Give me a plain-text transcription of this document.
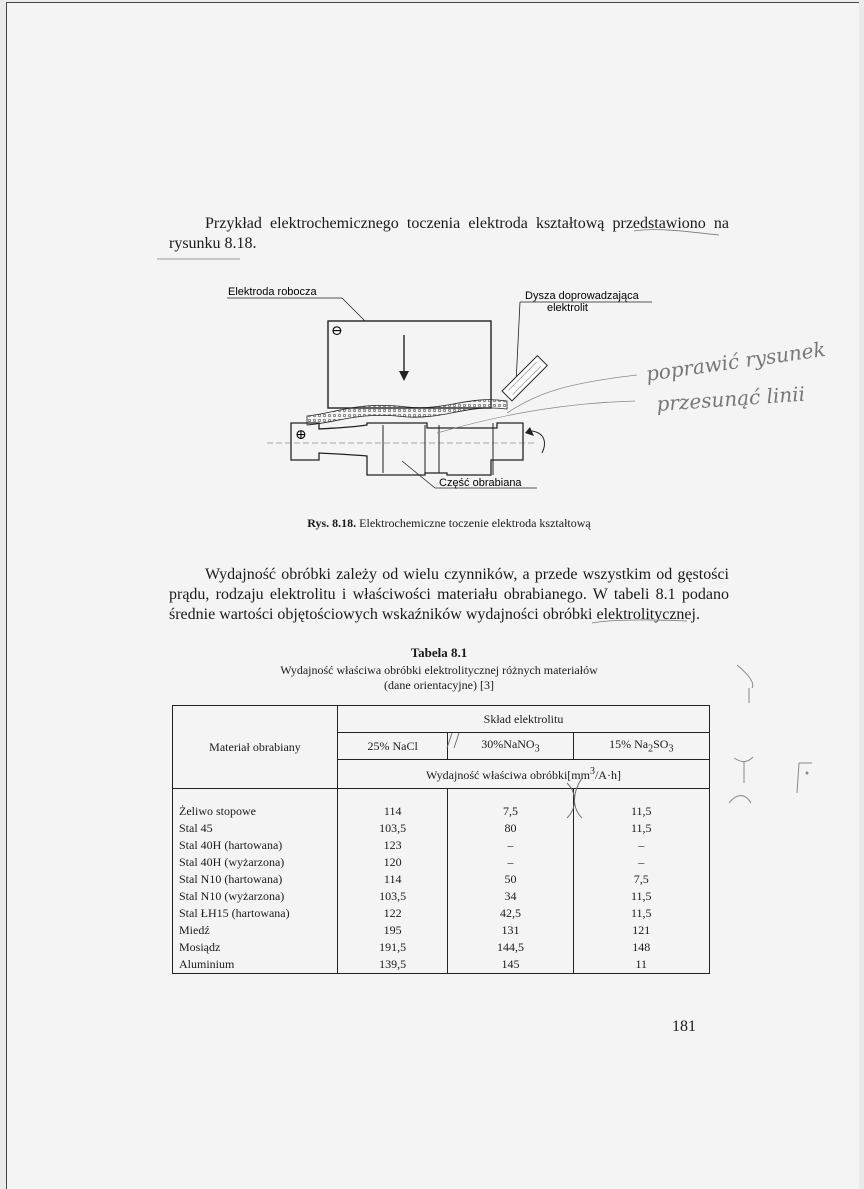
Przykład elektrochemicznego toczenia elektroda kształtową przedstawiono na rysunku 8.18.

Elektroda robocza	Dysza doprowadzająca
elektrolit
⊖
⊕
Część obrabiana
Rys. 8.18. Elektrochemiczne toczenie elektroda kształtową

Wydajność obróbki zależy od wielu czynników, a przede wszystkim od gęstości prądu, rodzaju elektrolitu i właściwości materiału obrabianego. W tabeli 8.1 podano średnie wartości objętościowych wskaźników wydajności obróbki elektrolitycznej.

Tabela 8.1
Wydajność właściwa obróbki elektrolitycznej różnych materiałów
(dane orientacyjne) [3]
Materiał obrabiany	Skład elektrolitu		
	25% NaCl	30%NaNO$_3$	15% $Na_2SO_3$
	Wydajność właściwa $obróbki[mm^3/A\cdot h]$		
Żeliwo stopowe	114	7,5	11,5
Stal 45	103,5	80	11,5
Stal 40H (hartowana)	123	–	–
Stal 40H (wyżarzona)	120	–	–
Stal N10 (hartowana)	114	50	7,5
Stal N10 (wyżarzona)	103,5	34	11,5
Stal ŁH15 (hartowana)	122	42,5	11,5
Miedź	195	131	121
Mosiądz	191,5	144,5	148
Aluminium	139,5	145	11
181
poprawić rysunek
przesunąć linii
